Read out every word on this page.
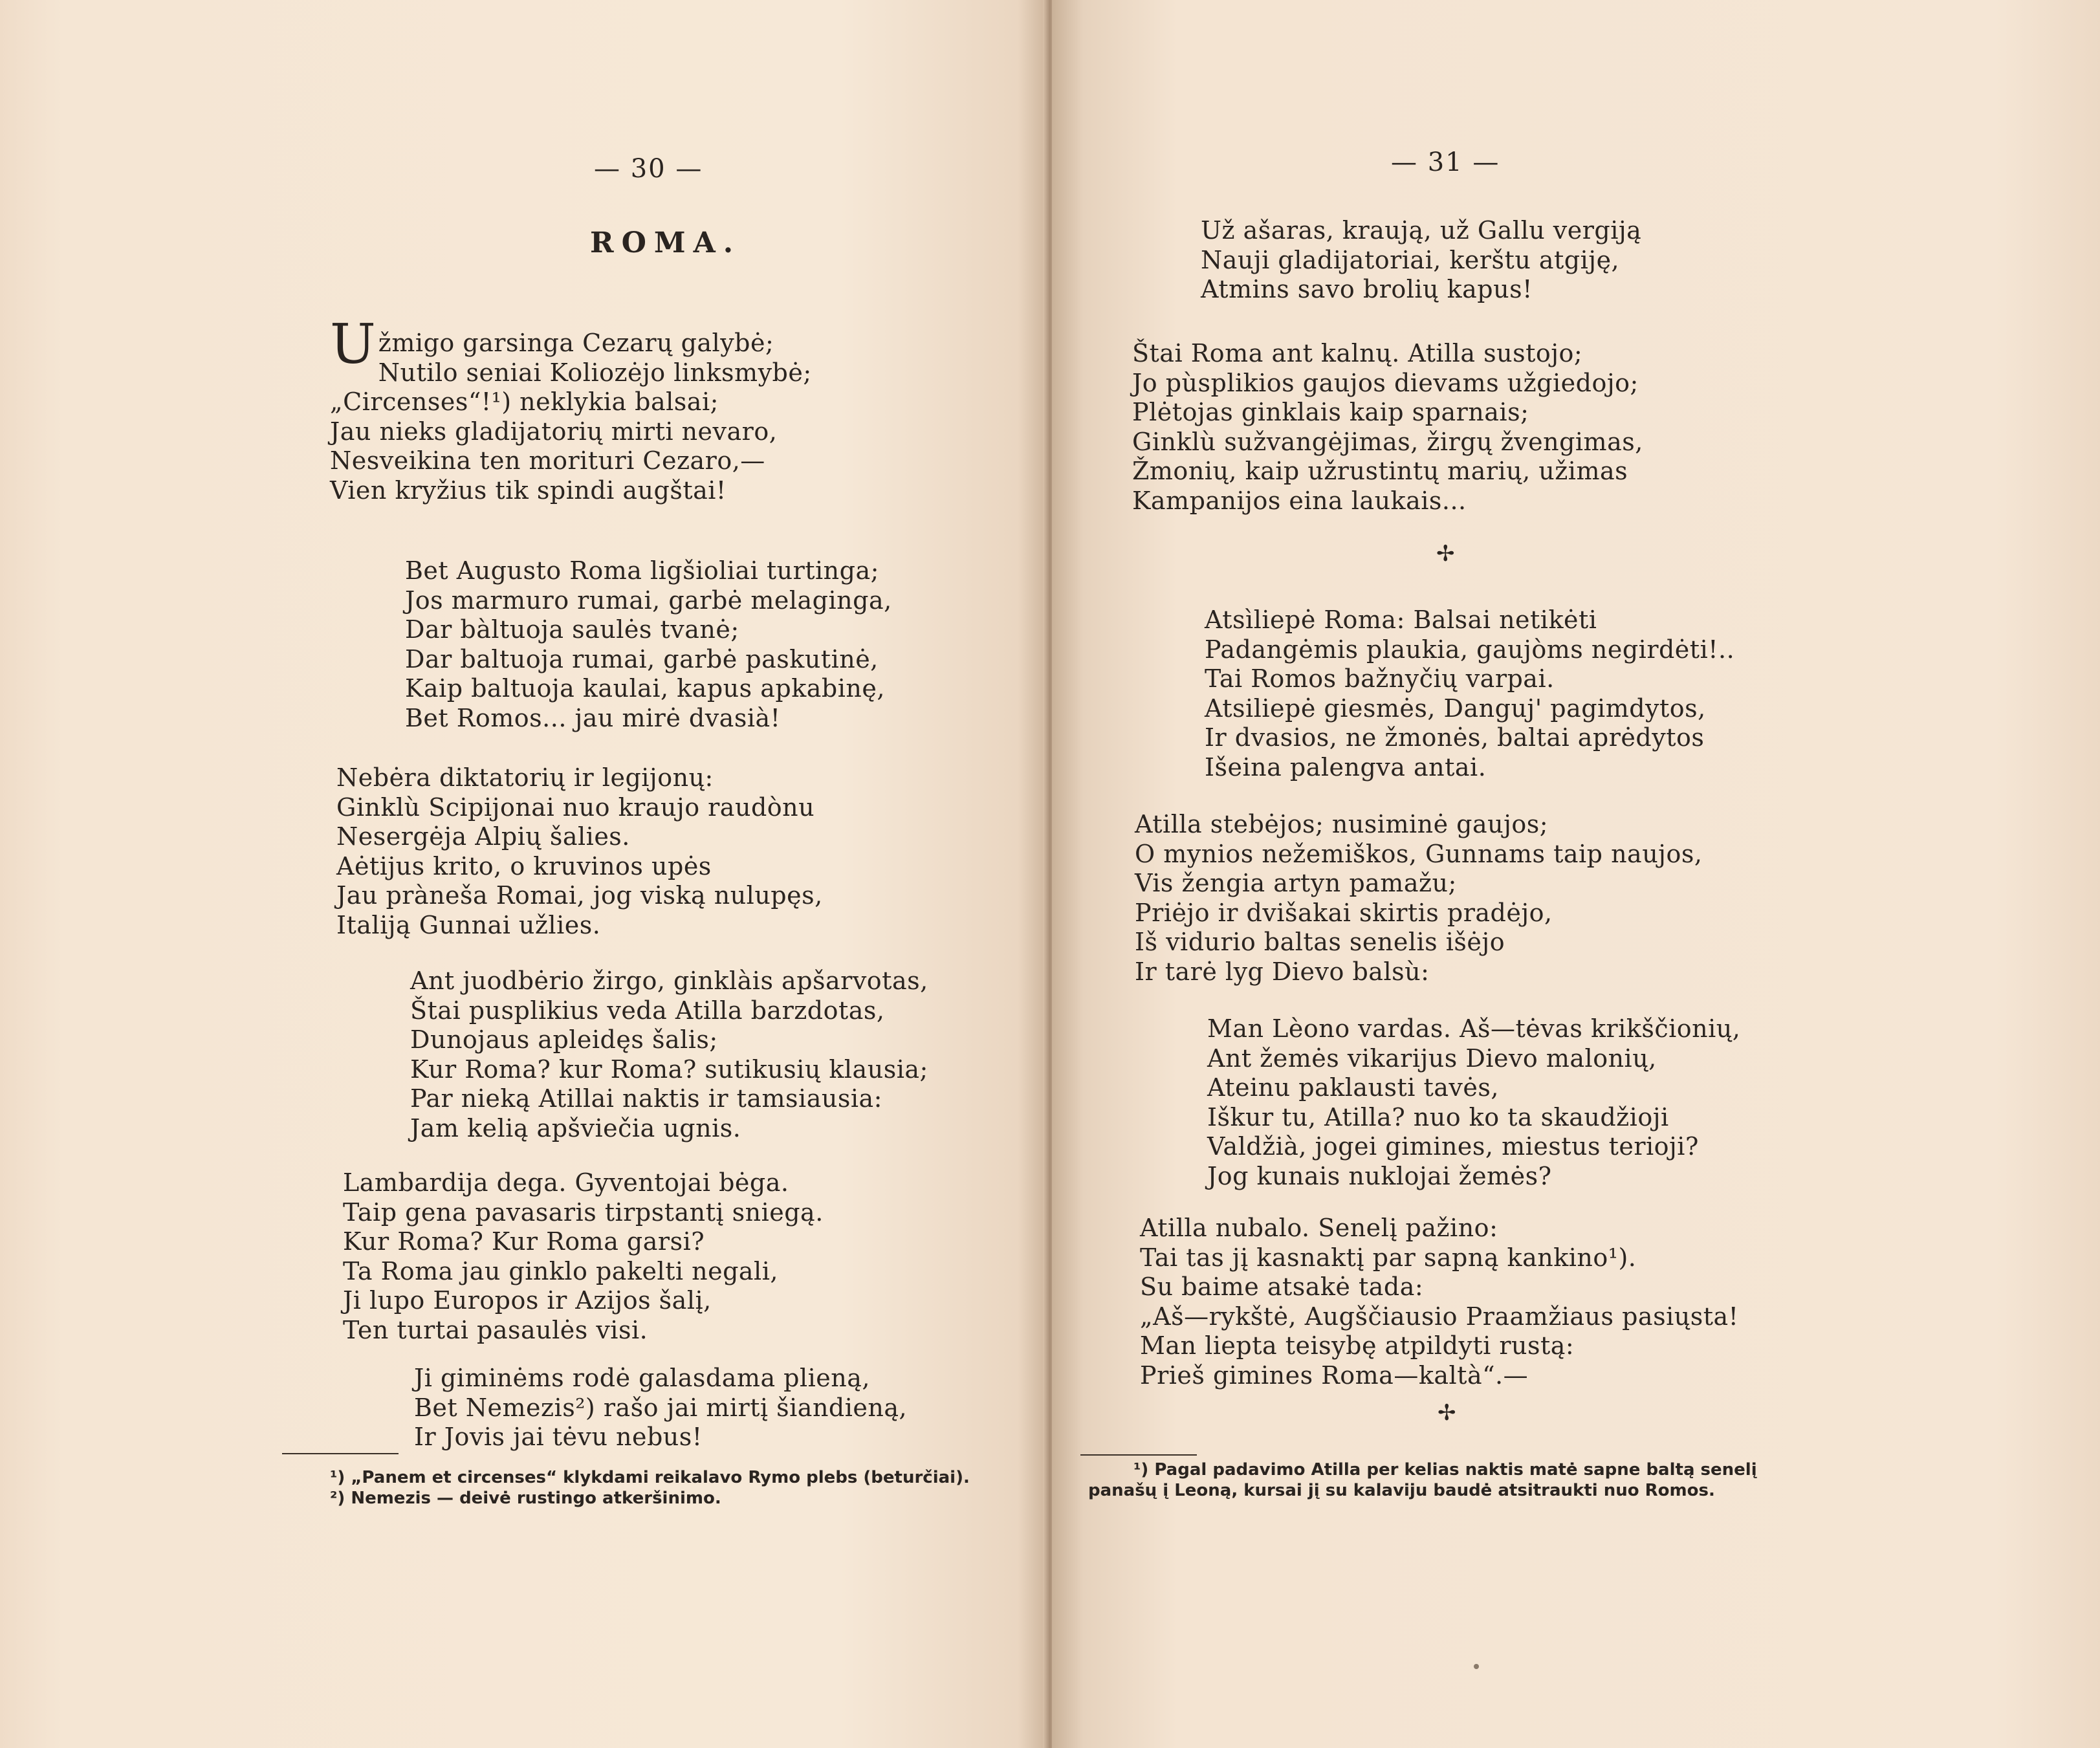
— 30 —
ROMA.
U žmigo garsinga Cezarų galybė;
Nutilo seniai Koliozėjo linksmybė;
„Circenses“!¹) neklykia balsai;
Jau nieks gladijatorių mirti nevaro,
Nesveikina ten morituri Cezaro,—
Vien kryžius tik spindi augštai!
Bet Augusto Roma ligšioliai turtinga;
Jos marmuro rumai, garbė melaginga,
Dar bàltuoja saulės tvanė;
Dar baltuoja rumai, garbė paskutinė,
Kaip baltuoja kaulai, kapus apkabinę,
Bet Romos... jau mirė dvasià!
Nebėra diktatorių ir legijonų:
Ginklù Scipijonai nuo kraujo raudònu
Nesergėja Alpių šalies.
Aėtijus krito, o kruvinos upės
Jau prànešа Romai, jog viską nulupęs,
Italiją Gunnai užlies.
Ant juodbėrio žirgo, ginklàis apšarvotas,
Štai pusplikius veda Atilla barzdotas,
Dunojaus apleidęs šalis;
Kur Roma? kur Roma? sutikusių klausia;
Par nieką Atillai naktis ir tamsiausia:
Jam kelią apšviečia ugnis.
Lambardija dega. Gyventojai bėga.
Taip gena pavasaris tirpstantį sniegą.
Kur Roma? Kur Roma garsi?
Ta Roma jau ginklo pakelti negali,
Ji lupo Europos ir Azijos šalį,
Ten turtai pasaulės visi.
Ji giminėms rodė galasdama plieną,
Bet Nemezis²) rašo jai mirtį šiandieną,
Ir Jovis jai tėvu nebus!
¹) „Panem et circenses“ klykdami reikalavo Rymo plebs (beturčiai).
²) Nemezis — deivė rustingo atkeršinimo.
— 31 —
Už ašaras, kraują, už Gallu vergiją
Nauji gladijatoriai, kerštu atgiję,
Atmins savo brolių kapus!
Štai Roma ant kalnų. Atilla sustojo;
Jo pùsplikios gaujos dievams užgiedojo;
Plėtojas ginklais kaip sparnais;
Ginklù sužvangėjimas, žirgų žvengimas,
Žmonių, kaip užrustintų marių, užimas
Kampanijos eina laukais...
✢
Atsìliepė Roma: Balsai netikėti
Padangėmis plaukia, gaujòms negirdėti!..
Tai Romos bažnyčių varpai.
Atsiliepė giesmės, Danguj' pagimdytos,
Ir dvasios, ne žmonės, baltai aprėdytos
Išeina palengva antai.
Atilla stebėjos; nusiminė gaujos;
O mynios nežemiškos, Gunnams taip naujos,
Vis žengia artyn pamažu;
Priėjo ir dvišakai skirtis pradėjo,
Iš vidurio baltas senelis išėjo
Ir tarė lyg Dievo balsù:
Man Lèono vardas. Aš—tėvas krikščionių,
Ant žemės vikarijus Dievo malonių,
Ateinu paklausti tavės,
Iškur tu, Atilla? nuo ko ta skaudžioji
Valdžià, jogei gimines, miestus terioji?
Jog kunais nuklojai žemės?
Atilla nubalo. Senelį pažino:
Tai tas jį kasnaktį par sapną kankino¹).
Su baime atsakė tada:
„Aš—rykštė, Augščiausio Praamžiaus pasiųsta!
Man liepta teisybę atpildyti rustą:
Prieš gimines Roma—kaltà“.—
✢
¹) Pagal padavimo Atilla per kelias naktis matė sapne baltą senelį
panašų į Leoną, kursai jį su kalaviju baudė atsitraukti nuo Romos.
